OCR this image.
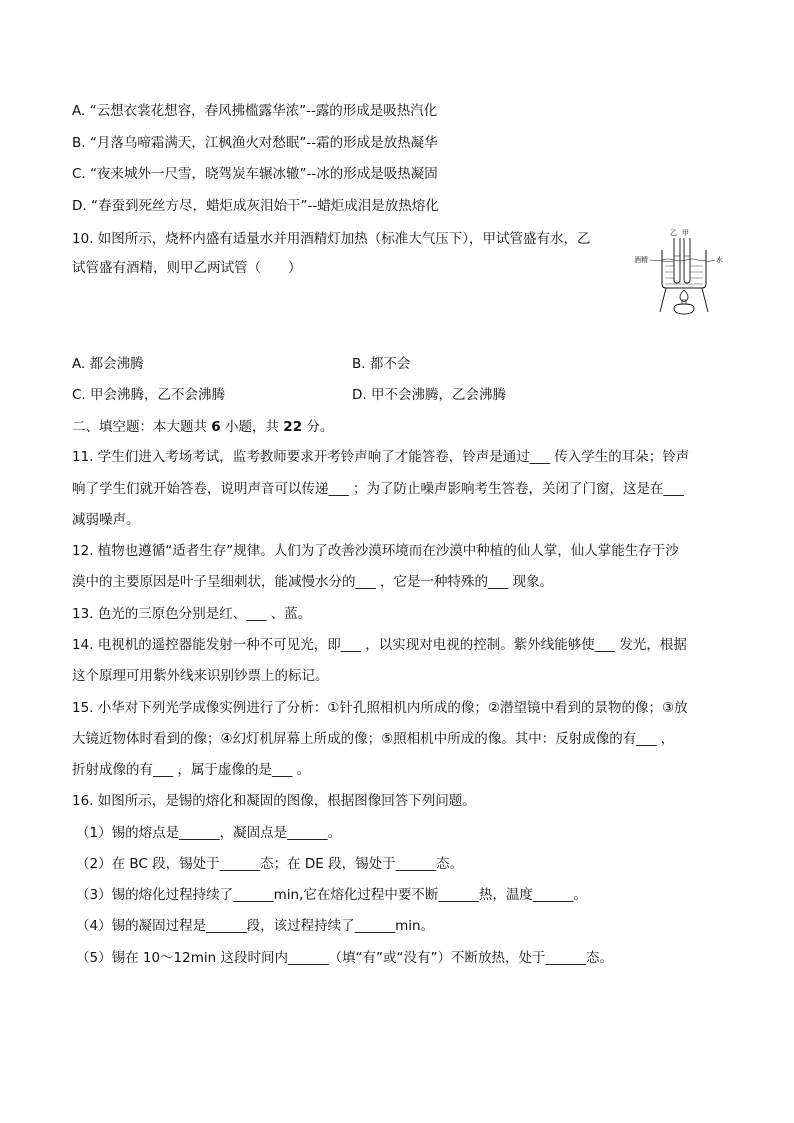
A. “云想衣裳花想容，春风拂槛露华浓”--露的形成是吸热汽化
B. “月落乌啼霜满天，江枫渔火对愁眠”--霜的形成是放热凝华
C. “夜来城外一尺雪，晓驾炭车辗冰辙”--冰的形成是吸热凝固
D. “春蚕到死丝方尽，蜡炬成灰泪始干”--蜡炬成泪是放热熔化
10. 如图所示，烧杯内盛有适量水并用酒精灯加热（标准大气压下），甲试管盛有水，乙
试管盛有酒精，则甲乙两试管（　　）
乙 甲
酒精	水
A. 都会沸腾	B. 都不会
C. 甲会沸腾，乙不会沸腾	D. 甲不会沸腾，乙会沸腾
二、填空题：本大题共 6 小题，共 22 分。
11. 学生们进入考场考试，监考教师要求开考铃声响了才能答卷，铃声是通过___ 传入学生的耳朵；铃声
响了学生们就开始答卷，说明声音可以传递___ ；为了防止噪声影响考生答卷，关闭了门窗，这是在___
减弱噪声。
12. 植物也遵循“适者生存”规律。人们为了改善沙漠环境而在沙漠中种植的仙人掌，仙人掌能生存于沙
漠中的主要原因是叶子呈细刺状，能减慢水分的___ ，它是一种特殊的___ 现象。
13. 色光的三原色分别是红、___ 、蓝。
14. 电视机的遥控器能发射一种不可见光，即___ ，以实现对电视的控制。紫外线能够使___ 发光，根据
这个原理可用紫外线来识别钞票上的标记。
15. 小华对下列光学成像实例进行了分析：①针孔照相机内所成的像；②潜望镜中看到的景物的像；③放
大镜近物体时看到的像；④幻灯机屏幕上所成的像；⑤照相机中所成的像。其中：反射成像的有___ ，
折射成像的有___ ，属于虚像的是___ 。
16. 如图所示，是锡的熔化和凝固的图像，根据图像回答下列问题。
（1）锡的熔点是______，凝固点是______。
（2）在 BC 段，锡处于______态；在 DE 段，锡处于______态。
（3）锡的熔化过程持续了______min,它在熔化过程中要不断______热，温度______。
（4）锡的凝固过程是______段，该过程持续了______min。
（5）锡在 10～12min 这段时间内______（填“有”或“没有”）不断放热，处于______态。
